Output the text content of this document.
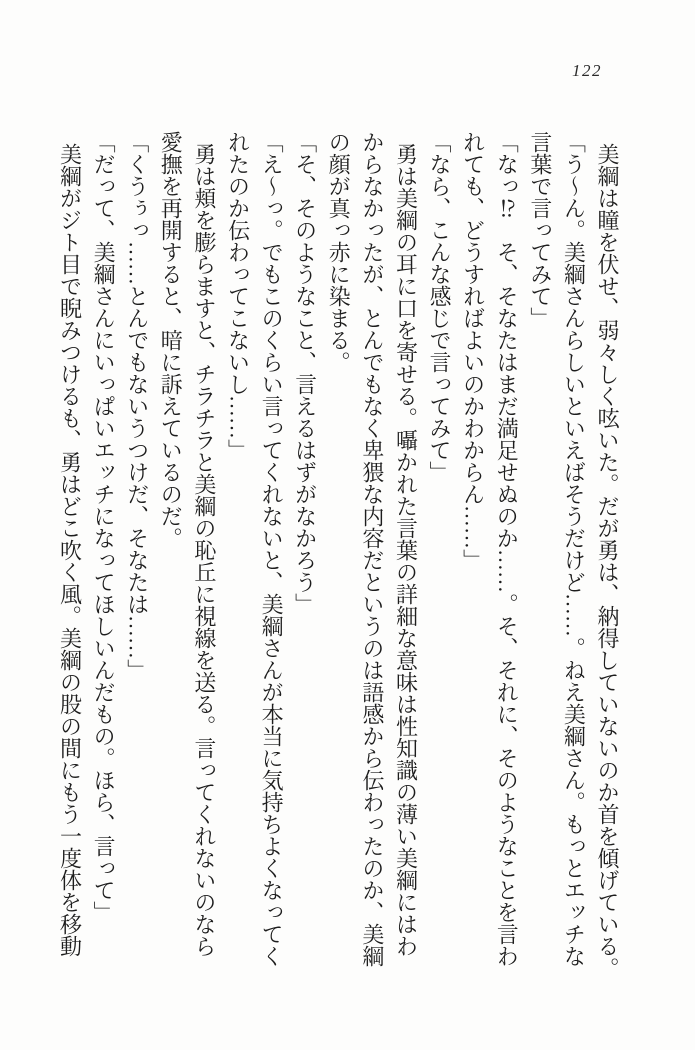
122

美綱は瞳を伏せ、弱々しく呟いた。だが勇は、納得していないのか首を傾げている。

「う〜ん。美綱さんらしいといえばそうだけど……。ねえ美綱さん。もっとエッチな

言葉で言ってみて」

「なっ⁉　そ、そなたはまだ満足せぬのか……。そ、それに、そのようなことを言わ

れても、どうすればよいのかわからん……」

「なら、こんな感じで言ってみて」

勇は美綱の耳に口を寄せる。囁かれた言葉の詳細な意味は性知識の薄い美綱にはわ

からなかったが、とんでもなく卑猥な内容だというのは語感から伝わったのか、美綱

の顔が真っ赤に染まる。

「そ、そのようなこと、言えるはずがなかろう」

「え〜っ。でもこのくらい言ってくれないと、美綱さんが本当に気持ちよくなってく

れたのか伝わってこないし……」

勇は頬を膨らますと、チラチラと美綱の恥丘に視線を送る。言ってくれないのなら

愛撫を再開すると、暗に訴えているのだ。

「くうぅっ……とんでもないうつけだ、そなたは……」

「だって、美綱さんにいっぱいエッチになってほしいんだもの。ほら、言って」

美綱がジト目で睨みつけるも、勇はどこ吹く風。美綱の股の間にもう一度体を移動
